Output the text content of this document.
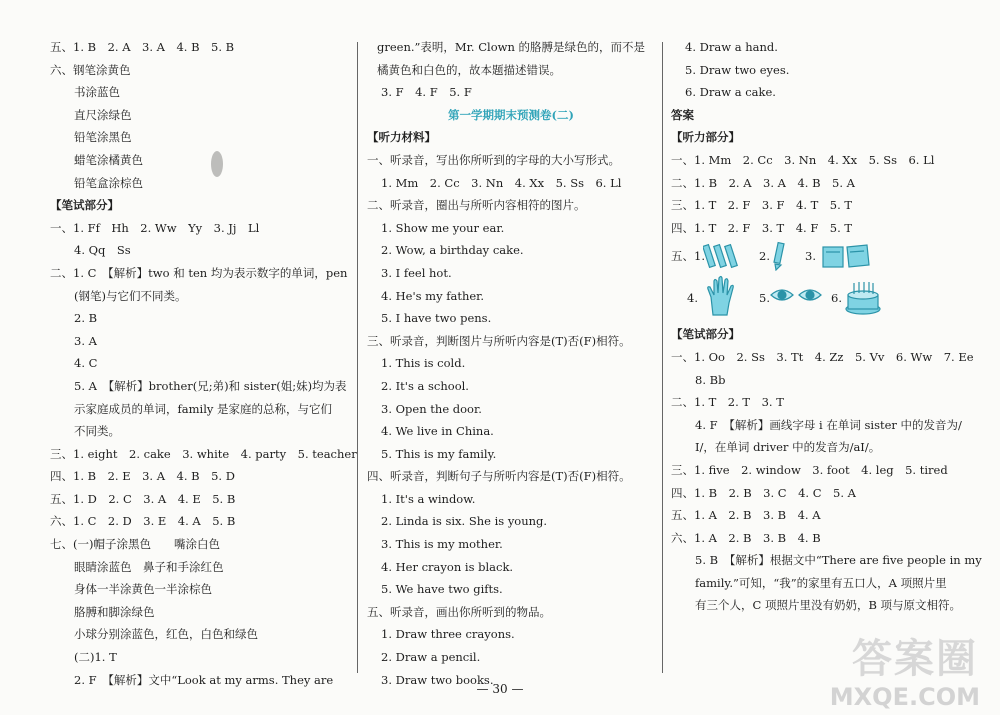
五、1. B　2. A　3. A　4. B　5. B
六、钢笔涂黄色
书涂蓝色
直尺涂绿色
铅笔涂黑色
蜡笔涂橘黄色
铅笔盒涂棕色
【笔试部分】
一、1. Ff　Hh　2. Ww　Yy　3. Jj　Ll
4. Qq　Ss
二、1. C　【解析】two 和 ten 均为表示数字的单词，pen
(钢笔)与它们不同类。
2. B
3. A
4. C
5. A　【解析】brother(兄;弟)和 sister(姐;妹)均为表
示家庭成员的单词，family 是家庭的总称，与它们
不同类。
三、1. eight　2. cake　3. white　4. party　5. teacher
四、1. B　2. E　3. A　4. B　5. D
五、1. D　2. C　3. A　4. E　5. B
六、1. C　2. D　3. E　4. A　5. B
七、(一)帽子涂黑色　　嘴涂白色
眼睛涂蓝色　鼻子和手涂红色
身体一半涂黄色一半涂棕色
胳膊和脚涂绿色
小球分别涂蓝色，红色，白色和绿色
(二)1. T
2. F　【解析】文中“Look at my arms. They are
green.”表明，Mr. Clown 的胳膊是绿色的，而不是
橘黄色和白色的，故本题描述错误。
3. F　4. F　5. F
第一学期期末预测卷(二)
【听力材料】
一、听录音，写出你所听到的字母的大小写形式。
1. Mm　2. Cc　3. Nn　4. Xx　5. Ss　6. Ll
二、听录音，圈出与所听内容相符的图片。
1. Show me your ear.
2. Wow, a birthday cake.
3. I feel hot.
4. He's my father.
5. I have two pens.
三、听录音，判断图片与所听内容是(T)否(F)相符。
1. This is cold.
2. It's a school.
3. Open the door.
4. We live in China.
5. This is my family.
四、听录音，判断句子与所听内容是(T)否(F)相符。
1. It's a window.
2. Linda is six. She is young.
3. This is my mother.
4. Her crayon is black.
5. We have two gifts.
五、听录音，画出你所听到的物品。
1. Draw three crayons.
2. Draw a pencil.
3. Draw two books.
4. Draw a hand.
5. Draw two eyes.
6. Draw a cake.
答案
【听力部分】
一、1. Mm　2. Cc　3. Nn　4. Xx　5. Ss　6. Ll
二、1. B　2. A　3. A　4. B　5. A
三、1. T　2. F　3. F　4. T　5. T
四、1. T　2. F　3. T　4. F　5. T
五、1.	2.	3.
4.	5.	6.
【笔试部分】
一、1. Oo　2. Ss　3. Tt　4. Zz　5. Vv　6. Ww　7. Ee
8. Bb
二、1. T　2. T　3. T
4. F　【解析】画线字母 i 在单词 sister 中的发音为/
I/，在单词 driver 中的发音为/aI/。
三、1. five　2. window　3. foot　4. leg　5. tired
四、1. B　2. B　3. C　4. C　5. A
五、1. A　2. B　3. B　4. A
六、1. A　2. B　3. B　4. B
5. B　【解析】根据文中“There are five people in my
family.”可知，“我”的家里有五口人，A 项照片里
有三个人，C 项照片里没有奶奶，B 项与原文相符。
— 30 —
答案圈
MXQE.COM
